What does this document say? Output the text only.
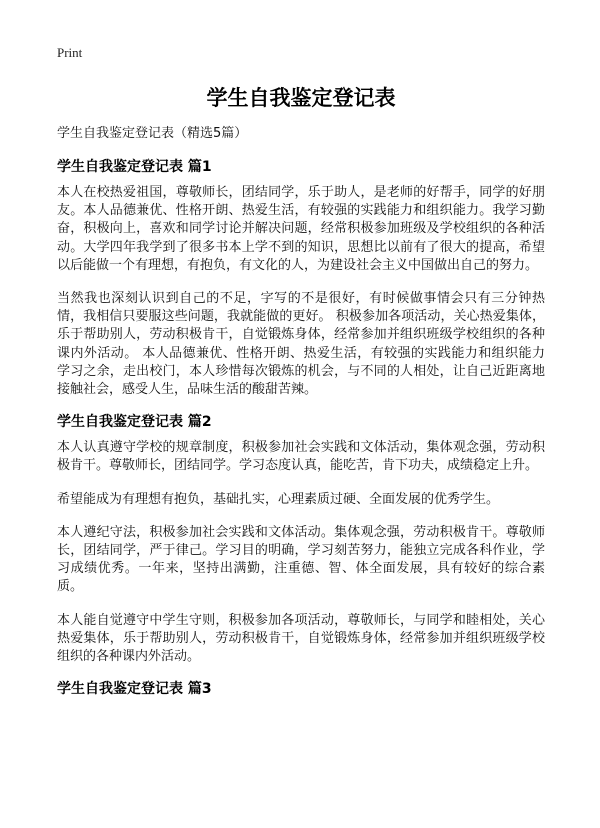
Print
学生自我鉴定登记表
学生自我鉴定登记表（精选5篇）
学生自我鉴定登记表 篇1

本人在校热爱祖国，尊敬师长，团结同学，乐于助人，是老师的好帮手，同学的好朋友。本人品德兼优、性格开朗、热爱生活，有较强的实践能力和组织能力。我学习勤奋，积极向上，喜欢和同学讨论并解决问题，经常积极参加班级及学校组织的各种活动。大学四年我学到了很多书本上学不到的知识，思想比以前有了很大的提高，希望以后能做一个有理想，有抱负，有文化的人，为建设社会主义中国做出自己的努力。

当然我也深刻认识到自己的不足，字写的不是很好，有时候做事情会只有三分钟热情，我相信只要服这些问题，我就能做的更好。 积极参加各项活动，关心热爱集体，乐于帮助别人，劳动积极肯干，自觉锻炼身体，经常参加并组织班级学校组织的各种课内外活动。 本人品德兼优、性格开朗、热爱生活，有较强的实践能力和组织能力 学习之余，走出校门，本人珍惜每次锻炼的机会，与不同的人相处，让自己近距离地接触社会，感受人生，品味生活的酸甜苦辣。

学生自我鉴定登记表 篇2

本人认真遵守学校的规章制度，积极参加社会实践和文体活动，集体观念强，劳动积极肯干。尊敬师长，团结同学。学习态度认真，能吃苦，肯下功夫，成绩稳定上升。

希望能成为有理想有抱负，基础扎实，心理素质过硬、全面发展的优秀学生。

本人遵纪守法，积极参加社会实践和文体活动。集体观念强，劳动积极肯干。尊敬师长，团结同学，严于律己。学习目的明确，学习刻苦努力，能独立完成各科作业，学习成绩优秀。一年来，坚持出满勤，注重德、智、体全面发展，具有较好的综合素质。

本人能自觉遵守中学生守则，积极参加各项活动，尊敬师长，与同学和睦相处，关心热爱集体，乐于帮助别人，劳动积极肯干，自觉锻炼身体，经常参加并组织班级学校组织的各种课内外活动。

学生自我鉴定登记表 篇3
